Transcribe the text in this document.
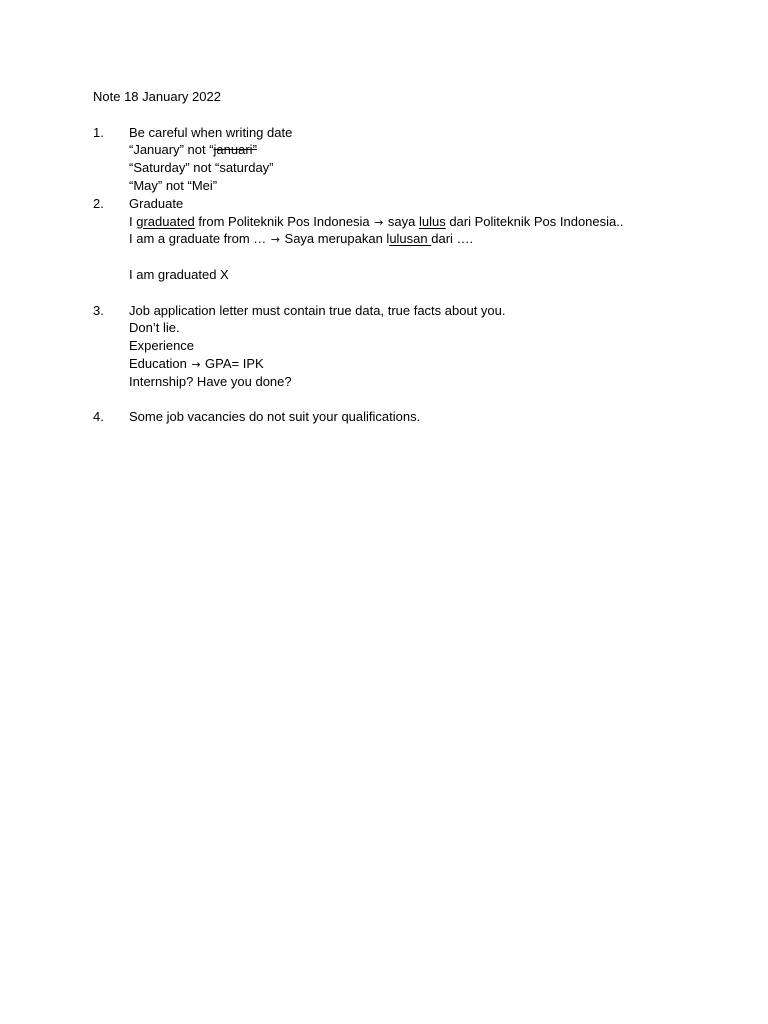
Note 18 January 2022
1. Be careful when writing date
“January” not “januari”
“Saturday” not “saturday”
“May” not “Mei”
2. Graduate
I graduated from Politeknik Pos Indonesia → saya lulus dari Politeknik Pos Indonesia..
I am a graduate from … → Saya merupakan lulusan dari ….
I am graduated X
3. Job application letter must contain true data, true facts about you.
Don’t lie.
Experience
Education → GPA= IPK
Internship? Have you done?
4. Some job vacancies do not suit your qualifications.
